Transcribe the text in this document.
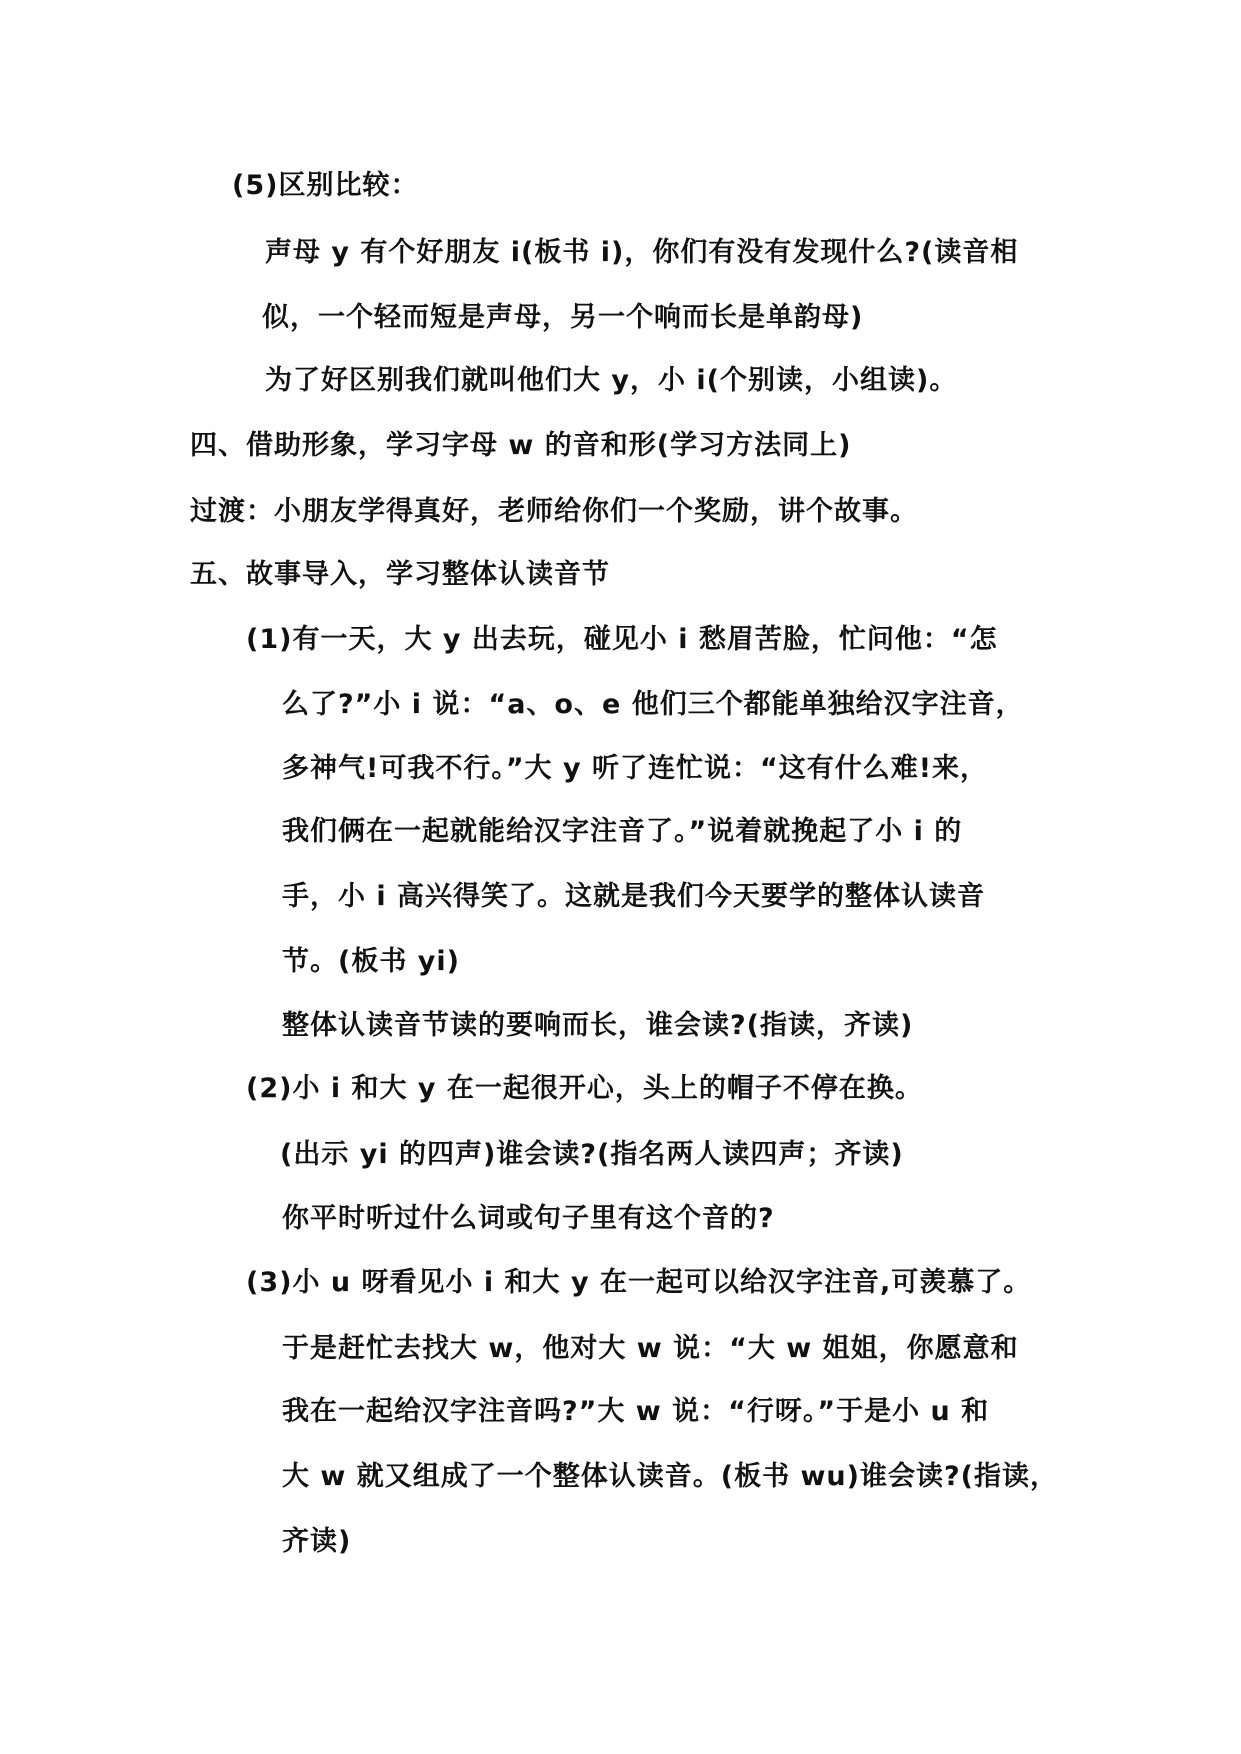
(5)区别比较：
声母 y 有个好朋友 i(板书 i)，你们有没有发现什么?(读音相
似，一个轻而短是声母，另一个响而长是单韵母)
为了好区别我们就叫他们大 y，小 i(个别读，小组读)。
四、借助形象，学习字母 w 的音和形(学习方法同上)
过渡：小朋友学得真好，老师给你们一个奖励，讲个故事。
五、故事导入，学习整体认读音节
(1)有一天，大 y 出去玩，碰见小 i 愁眉苦脸，忙问他：“怎
么了?”小 i 说：“a、o、e 他们三个都能单独给汉字注音，
多神气!可我不行。”大 y 听了连忙说：“这有什么难!来，
我们俩在一起就能给汉字注音了。”说着就挽起了小 i 的
手，小 i 高兴得笑了。这就是我们今天要学的整体认读音
节。(板书 yi)
整体认读音节读的要响而长，谁会读?(指读，齐读)
(2)小 i 和大 y 在一起很开心，头上的帽子不停在换。
(出示 yi 的四声)谁会读?(指名两人读四声；齐读)
你平时听过什么词或句子里有这个音的?
(3)小 u 呀看见小 i 和大 y 在一起可以给汉字注音,可羡慕了。
于是赶忙去找大 w，他对大 w 说：“大 w 姐姐，你愿意和
我在一起给汉字注音吗?”大 w 说：“行呀。”于是小 u 和
大 w 就又组成了一个整体认读音。(板书 wu)谁会读?(指读，
齐读)
